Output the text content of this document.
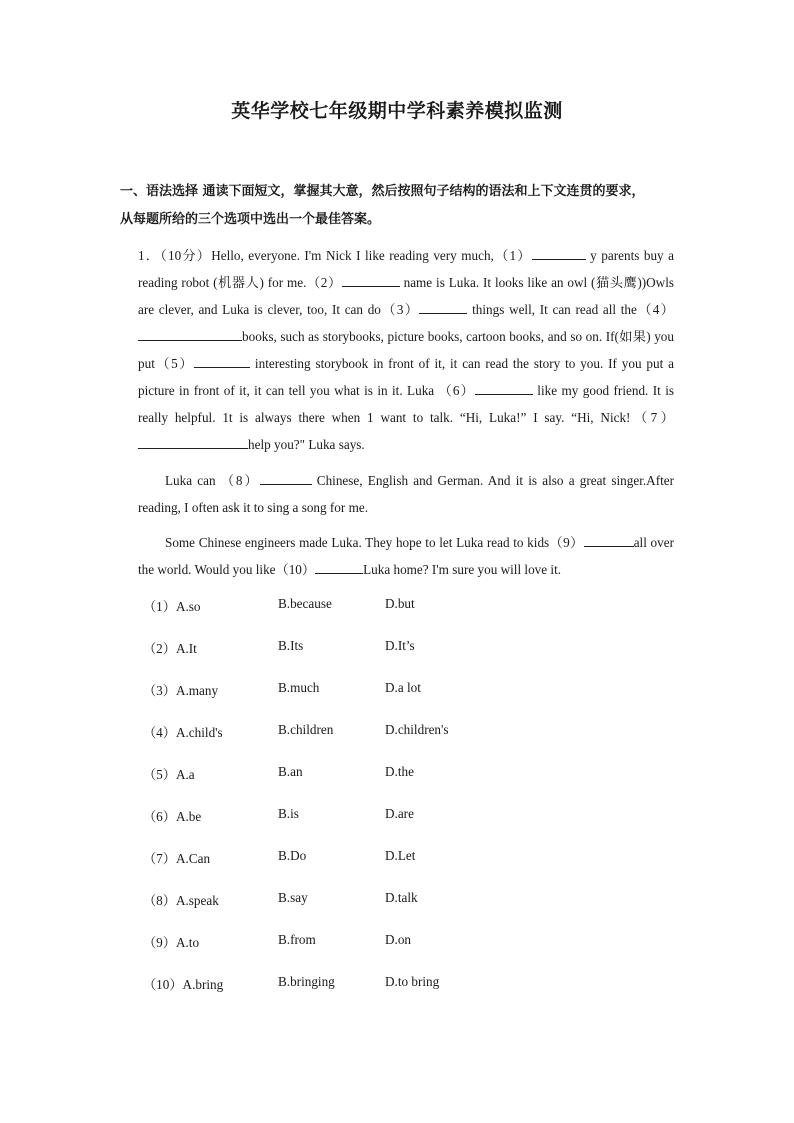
英华学校七年级期中学科素养模拟监测
一、语法选择 通读下面短文，掌握其大意，然后按照句子结构的语法和上下文连贯的要求，
从每题所给的三个选项中选出一个最佳答案。
1．（10分）Hello, everyone. I'm Nick I like reading very much,（1）	y parents buy a reading robot (机器人) for me.（2）	name is Luka. It looks like an owl (猫头鹰))Owls are clever, and Luka is clever, too, It can do（3）	things well, It can read all the（4）books, such as storybooks, picture books, cartoon books, and so on. If(如果) you put（5）	interesting storybook in front of it, it can read the story to you. If you put a picture in front of it, it can tell you what is in it. Luka （6）	like my good friend. It is really helpful. 1t is always there when 1 want to talk. “Hi, Luka!” I say. “Hi, Nick!（7）help you?" Luka says.
Luka can （8）	Chinese, English and German. And it is also a great singer.After reading, I often ask it to sing a song for me.
Some Chinese engineers made Luka. They hope to let Luka read to kids（9）	all over the world. Would you like（10）	Luka home? I'm sure you will love it.
（1）A.so	B.because	D.but
（2）A.It	B.Its	D.It’s
（3）A.many	B.much	D.a lot
（4）A.child's	B.children	D.children's
（5）A.a	B.an	D.the
（6）A.be	B.is	D.are
（7）A.Can	B.Do	D.Let
（8）A.speak	B.say	D.talk
（9）A.to	B.from	D.on
（10）A.bring	B.bringing	D.to bring
